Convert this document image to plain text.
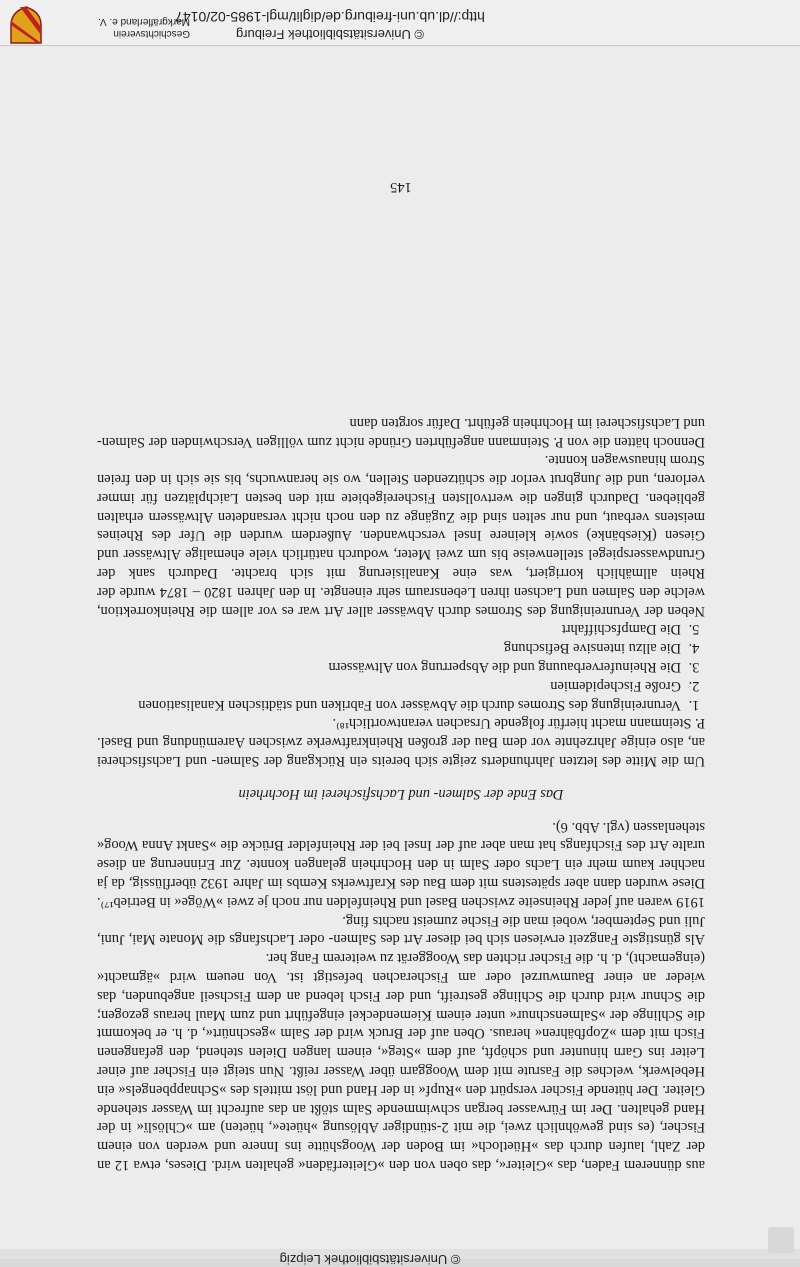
© Universitätsbibliothek Leipzig

aus dünnerem Faden, das »Gleiter«, das oben von den »Gleiterfäden« gehalten wird. Dieses, etwa 12 an der Zahl, laufen durch das »Hüetloch« im Boden der Woogshütte ins Innere und werden von einem Fischer, (es sind gewöhnlich zwei, die mit 2-stündiger Ablösung »hüete«, hüeten) am »Chlöslï« in der Hand gehalten. Der im Fürwasser bergan schwimmende Salm stößt an das aufrecht im Wasser stehende Gleiter. Der hütende Fischer verspürt den »Rupf« in der Hand und löst mittels des »Schnappbengels« ein Hebelwerk, welches die Fasrute mit dem Wooggarn über Wasser reißt. Nun steigt ein Fischer auf einer Leiter ins Garn hinunter und schöpft, auf dem »Steg«, einem langen Dielen stehend, den gefangenen Fisch mit dem »Zopfbähren« heraus. Oben auf der Bruck wird der Salm »geschnürt«, d. h. er bekommt die Schlinge der »Salmenschnur« unter einem Kiemendeckel eingeführt und zum Maul heraus gezogen; die Schnur wird durch die Schlinge gestreift, und der Fisch lebend an dem Fischseil angebunden, das wieder an einer Baumwurzel oder am Fischerachen befestigt ist. Von neuem wird »ägmacht« (eingemacht), d. h. die Fischer richten das Wooggerät zu weiterem Fang her.

Als günstigste Fangzeit erwiesen sich bei dieser Art des Salmen- oder Lachsfangs die Monate Mai, Juni, Juli und September, wobei man die Fische zumeist nachts fing.

1919 waren auf jeder Rheinseite zwischen Basel und Rheinfelden nur noch je zwei »Wöge« in Betrieb¹⁷⁾. Diese wurden dann aber spätestens mit dem Bau des Kraftwerks Kembs im Jahre 1932 überflüssig, da ja nachher kaum mehr ein Lachs oder Salm in den Hochrhein gelangen konnte. Zur Erinnerung an diese uralte Art des Fischfangs hat man aber auf der Insel bei der Rheinfelder Brücke die »Sankt Anna Woog« stehenlassen (vgl. Abb. 6).

Das Ende der Salmen- und Lachsfischerei im Hochrhein

Um die Mitte des letzten Jahrhunderts zeigte sich bereits ein Rückgang der Salmen- und Lachsfischerei an, also einige Jahrzehnte vor dem Bau der großen Rheinkraftwerke zwischen Aaremündung und Basel. P. Steinmann macht hierfür folgende Ursachen verantwortlich¹⁸⁾.

1. Verunreinigung des Stromes durch die Abwässer von Fabriken und städtischen Kanalisationen
2. Große Fischepidemien
3. Die Rheinuferverbauung und die Absperrung von Altwässern
4. Die allzu intensive Befischung
5. Die Dampfschiffahrt

Neben der Verunreinigung des Stromes durch Abwässer aller Art war es vor allem die Rheinkorrektion, welche den Salmen und Lachsen ihren Lebensraum sehr einengte. In den Jahren 1820 – 1874 wurde der Rhein allmählich korrigiert, was eine Kanalisierung mit sich brachte. Dadurch sank der Grundwasserspiegel stellenweise bis um zwei Meter, wodurch natürlich viele ehemalige Altwässer und Giesen (Kiesbänke) sowie kleinere Insel verschwanden. Außerdem wurden die Ufer des Rheines meistens verbaut, und nur selten sind die Zugänge zu den noch nicht versandeten Altwässern erhalten geblieben. Dadurch gingen die wertvollsten Fischereigebiete mit den besten Laichplätzen für immer verloren, und die Jungbrut verlor die schützenden Stellen, wo sie heranwuchs, bis sie sich in den freien Strom hinauswagen konnte.

Dennoch hätten die von P. Steinmann angeführten Gründe nicht zum völligen Verschwinden der Salmen- und Lachsfischerei im Hochrhein geführt. Dafür sorgten dann

145
© Universitätsbibliothek Freiburg
http://dl.ub.uni-freiburg.de/diglit/mgl-1985-02/0147
Geschichtsverein
Markgräflerland e. V.
